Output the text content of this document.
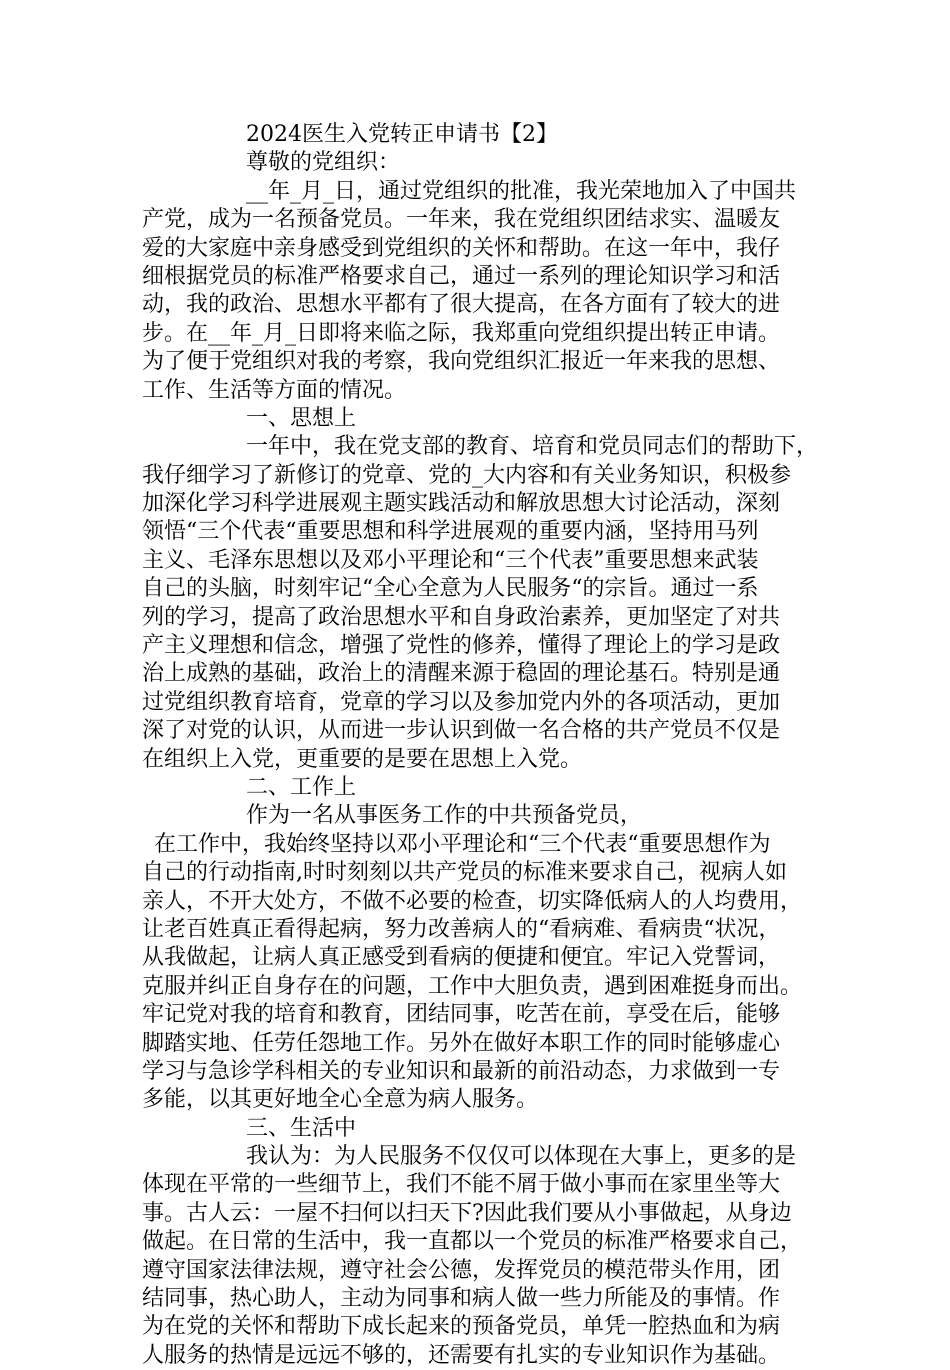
2024医生入党转正申请书【2】
尊敬的党组织：
__年_月_日，通过党组织的批准，我光荣地加入了中国共
产党，成为一名预备党员。一年来，我在党组织团结求实、温暖友
爱的大家庭中亲身感受到党组织的关怀和帮助。在这一年中，我仔
细根据党员的标准严格要求自己，通过一系列的理论知识学习和活
动，我的政治、思想水平都有了很大提高，在各方面有了较大的进
步。在__年_月_日即将来临之际，我郑重向党组织提出转正申请。
为了便于党组织对我的考察，我向党组织汇报近一年来我的思想、
工作、生活等方面的情况。
一、思想上
一年中，我在党支部的教育、培育和党员同志们的帮助下，
我仔细学习了新修订的党章、党的_大内容和有关业务知识，积极参
加深化学习科学进展观主题实践活动和解放思想大讨论活动，深刻
领悟“三个代表“重要思想和科学进展观的重要内涵，坚持用马列
主义、毛泽东思想以及邓小平理论和“三个代表”重要思想来武装
自己的头脑，时刻牢记“全心全意为人民服务“的宗旨。通过一系
列的学习，提高了政治思想水平和自身政治素养，更加坚定了对共
产主义理想和信念，增强了党性的修养，懂得了理论上的学习是政
治上成熟的基础，政治上的清醒来源于稳固的理论基石。特别是通
过党组织教育培育，党章的学习以及参加党内外的各项活动，更加
深了对党的认识，从而进一步认识到做一名合格的共产党员不仅是
在组织上入党，更重要的是要在思想上入党。
二、工作上
作为一名从事医务工作的中共预备党员，
在工作中，我始终坚持以邓小平理论和“三个代表“重要思想作为
自己的行动指南,时时刻刻以共产党员的标准来要求自己，视病人如
亲人，不开大处方，不做不必要的检查，切实降低病人的人均费用，
让老百姓真正看得起病，努力改善病人的“看病难、看病贵“状况，
从我做起，让病人真正感受到看病的便捷和便宜。牢记入党誓词，
克服并纠正自身存在的问题，工作中大胆负责，遇到困难挺身而出。
牢记党对我的培育和教育，团结同事，吃苦在前，享受在后，能够
脚踏实地、任劳任怨地工作。另外在做好本职工作的同时能够虚心
学习与急诊学科相关的专业知识和最新的前沿动态，力求做到一专
多能，以其更好地全心全意为病人服务。
三、生活中
我认为：为人民服务不仅仅可以体现在大事上，更多的是
体现在平常的一些细节上，我们不能不屑于做小事而在家里坐等大
事。古人云：一屋不扫何以扫天下?因此我们要从小事做起，从身边
做起。在日常的生活中，我一直都以一个党员的标准严格要求自己，
遵守国家法律法规，遵守社会公德，发挥党员的模范带头作用，团
结同事，热心助人，主动为同事和病人做一些力所能及的事情。作
为在党的关怀和帮助下成长起来的预备党员，单凭一腔热血和为病
人服务的热情是远远不够的，还需要有扎实的专业知识作为基础。
